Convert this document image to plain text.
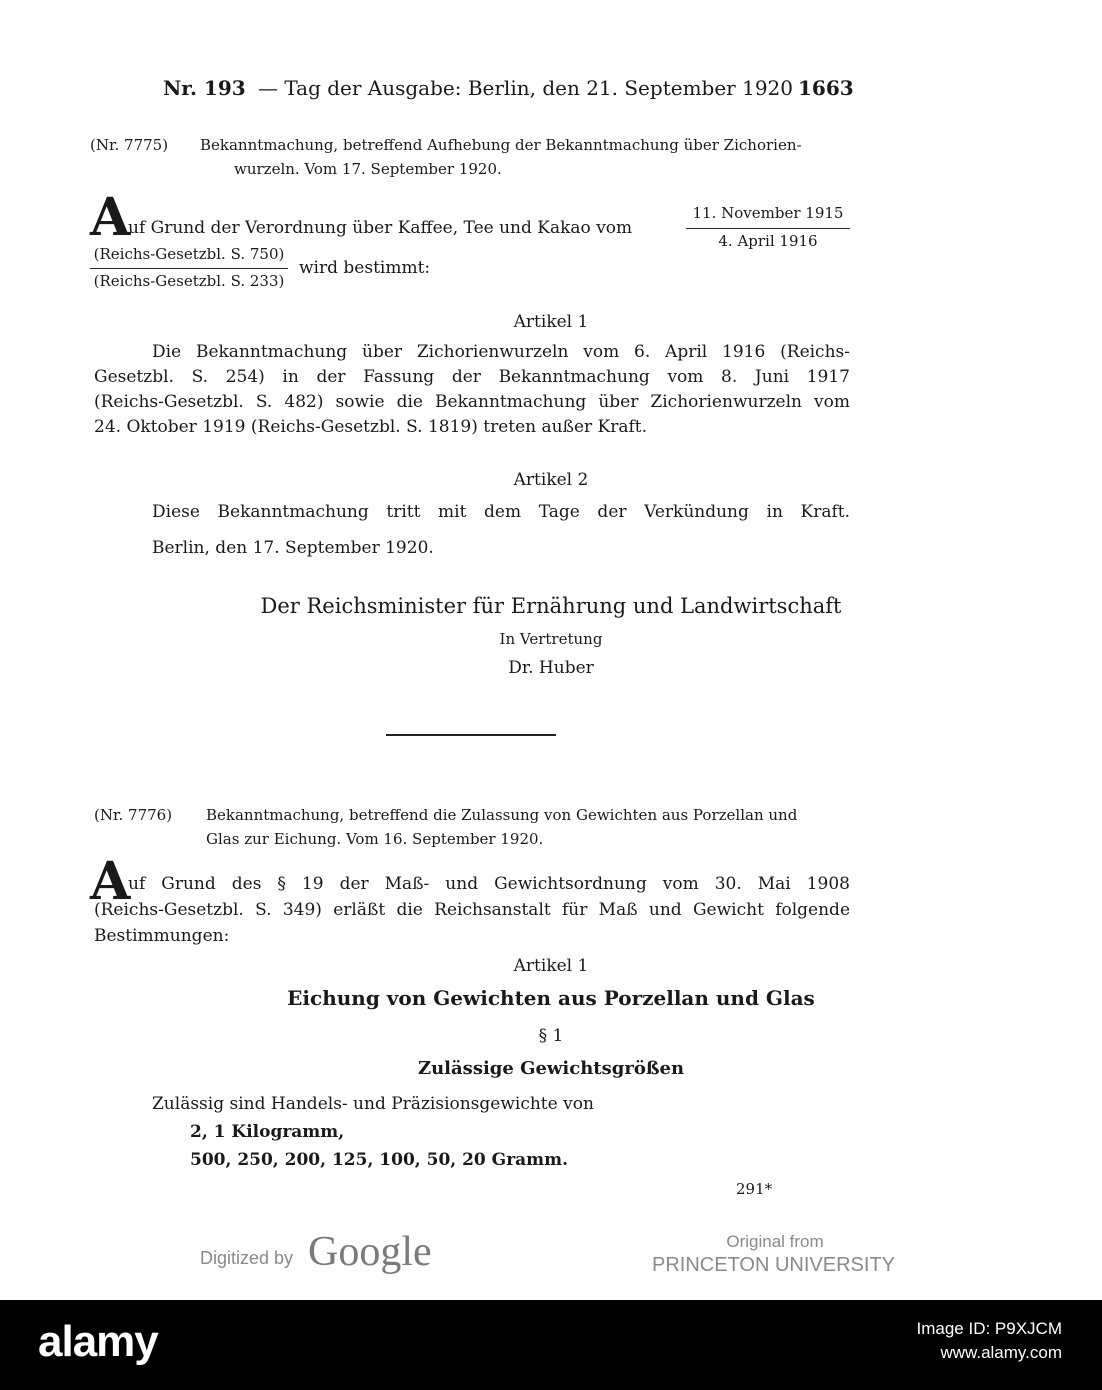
Nr. 193 — Tag der Ausgabe: Berlin, den 21. September 1920 1663
(Nr. 7775) Bekanntmachung, betreffend Aufhebung der Bekanntmachung über Zichorien-
wurzeln. Vom 17. September 1920.
A
uf Grund der Verordnung über Kaffee, Tee und Kakao vom
11. November 1915
4. April 1916
(Reichs-Gesetzbl. S. 750)
(Reichs-Gesetzbl. S. 233)
wird bestimmt:
Artikel 1
Die Bekanntmachung über Zichorienwurzeln vom 6. April 1916 (Reichs-
Gesetzbl. S. 254) in der Fassung der Bekanntmachung vom 8. Juni 1917
(Reichs-Gesetzbl. S. 482) sowie die Bekanntmachung über Zichorienwurzeln vom
24. Oktober 1919 (Reichs-Gesetzbl. S. 1819) treten außer Kraft.
Artikel 2
Diese Bekanntmachung tritt mit dem Tage der Verkündung in Kraft.
Berlin, den 17. September 1920.
Der Reichsminister für Ernährung und Landwirtschaft
In Vertretung
Dr. Huber
(Nr. 7776) Bekanntmachung, betreffend die Zulassung von Gewichten aus Porzellan und
Glas zur Eichung. Vom 16. September 1920.
A
uf Grund des § 19 der Maß- und Gewichtsordnung vom 30. Mai 1908
(Reichs-Gesetzbl. S. 349) erläßt die Reichsanstalt für Maß und Gewicht folgende
Bestimmungen:
Artikel 1
Eichung von Gewichten aus Porzellan und Glas
§ 1
Zulässige Gewichtsgrößen
Zulässig sind Handels- und Präzisionsgewichte von
2, 1 Kilogramm,
500, 250, 200, 125, 100, 50, 20 Gramm.
291*
Digitized by Google	Original from
PRINCETON UNIVERSITY
alamy	Image ID: P9XJCM
www.alamy.com
